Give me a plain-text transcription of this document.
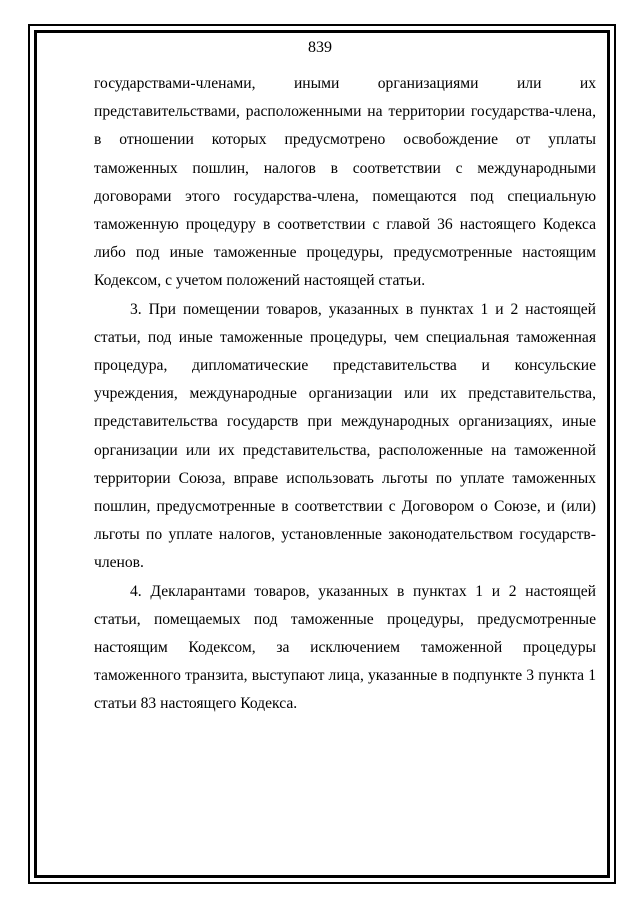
839

государствами-членами, иными организациями или их представительствами, расположенными на территории государства-члена, в отношении которых предусмотрено освобождение от уплаты таможенных пошлин, налогов в соответствии с международными договорами этого государства-члена, помещаются под специальную таможенную процедуру в соответствии с главой 36 настоящего Кодекса либо под иные таможенные процедуры, предусмотренные настоящим Кодексом, с учетом положений настоящей статьи.

3. При помещении товаров, указанных в пунктах 1 и 2 настоящей статьи, под иные таможенные процедуры, чем специальная таможенная процедура, дипломатические представительства и консульские учреждения, международные организации или их представительства, представительства государств при международных организациях, иные организации или их представительства, расположенные на таможенной территории Союза, вправе использовать льготы по уплате таможенных пошлин, предусмотренные в соответствии с Договором о Союзе, и (или) льготы по уплате налогов, установленные законодательством государств-членов.

4. Декларантами товаров, указанных в пунктах 1 и 2 настоящей статьи, помещаемых под таможенные процедуры, предусмотренные настоящим Кодексом, за исключением таможенной процедуры таможенного транзита, выступают лица, указанные в подпункте 3 пункта 1 статьи 83 настоящего Кодекса.
